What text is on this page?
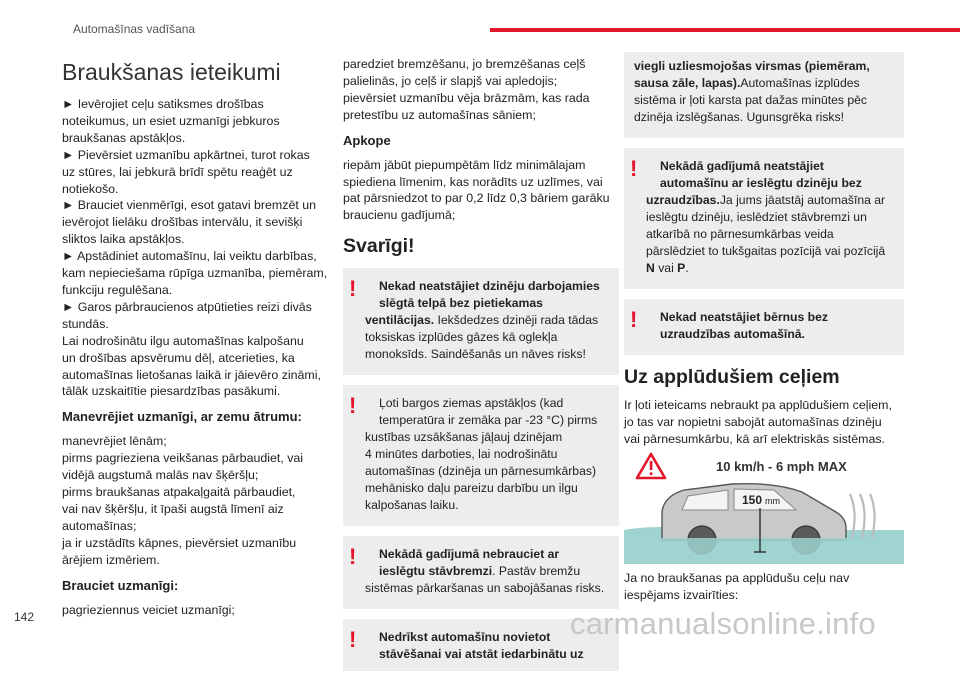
Automašīnas vadīšana
Braukšanas ieteikumi
► Ievērojiet ceļu satiksmes drošības
noteikumus, un esiet uzmanīgi jebkuros
braukšanas apstākļos.
► Pievērsiet uzmanību apkārtnei, turot rokas
uz stūres, lai jebkurā brīdī spētu reaģēt uz
notiekošo.
► Brauciet vienmērīgi, esot gatavi bremzēt un
ievērojot lielāku drošības intervālu, it sevišķi
sliktos laika apstākļos.
► Apstādiniet automašīnu, lai veiktu darbības,
kam nepieciešama rūpīga uzmanība, piemēram,
funkciju regulēšana.
► Garos pārbraucienos atpūtieties reizi divās
stundās.
Lai nodrošinātu ilgu automašīnas kalpošanu
un drošības apsvērumu dēļ, atcerieties, ka
automašīnas lietošanas laikā ir jāievēro zināmi,
tālāk uzskaitītie piesardzības pasākumi.
Manevrējiet uzmanīgi, ar zemu ātrumu:
manevrējiet lēnām;
pirms pagrieziena veikšanas pārbaudiet, vai
vidējā augstumā malās nav šķēršļu;
pirms braukšanas atpakaļgaitā pārbaudiet,
vai nav šķēršļu, it īpaši augstā līmenī aiz
automašīnas;
ja ir uzstādīts kāpnes, pievērsiet uzmanību
ārējiem izmēriem.
Brauciet uzmanīgi:
pagrieziennus veiciet uzmanīgi;
paredziet bremzēšanu, jo bremzēšanas ceļš
palielinās, jo ceļš ir slapjš vai apledojis;
pievērsiet uzmanību vēja brāzmām, kas rada
pretestību uz automašīnas sāniem;
Apkope
riepām jābūt piepumpētām līdz minimālajam
spiediena līmenim, kas norādīts uz uzlīmes, vai
pat pārsniedzot to par 0,2 līdz 0,3 bāriem garāku
braucienu gadījumā;
Svarīgi!
!	Nekad neatstājiet dzinēju darbojamies
slēgtā telpā bez pietiekamas
ventilācijas. Iekšdedzes dzinēji rada tādas
toksiskas izplūdes gāzes kā oglekļa
monoksīds. Saindēšanās un nāves risks!
!	Ļoti bargos ziemas apstākļos (kad
temperatūra ir zemāka par -23 °C) pirms
kustības uzsākšanas jāļauj dzinējam
4 minūtes darboties, lai nodrošinātu
automašīnas (dzinēja un pārnesumkārbas)
mehānisko daļu pareizu darbību un ilgu
kalpošanas laiku.
!	Nekādā gadījumā nebrauciet ar
ieslēgtu stāvbremzi. Pastāv bremžu
sistēmas pārkaršanas un sabojāšanas risks.
!	Nedrīkst automašīnu novietot
stāvēšanai vai atstāt iedarbinātu uz
viegli uzliesmojošas virsmas (piemēram,
sausa zāle, lapas).Automašīnas izplūdes
sistēma ir ļoti karsta pat dažas minūtes pēc
dzinēja izslēgšanas. Ugunsgrēka risks!
!	Nekādā gadījumā neatstājiet
automašīnu ar ieslēgtu dzinēju bez
uzraudzības.Ja jums jāatstāj automašīna ar
ieslēgtu dzinēju, ieslēdziet stāvbremzi un
atkarībā no pārnesumkārbas veida
pārslēdziet to tukšgaitas pozīcijā vai pozīcijā
N vai P.
!	Nekad neatstājiet bērnus bez
uzraudzības automašīnā.
Uz applūdušiem ceļiem
Ir ļoti ieteicams nebraukt pa applūdušiem ceļiem,
jo tas var nopietni sabojāt automašīnas dzinēju
vai pārnesumkārbu, kā arī elektriskās sistēmas.
10 km/h - 6 mph MAX
150 mm
Ja no braukšanas pa applūdušu ceļu nav
iespējams izvairīties:
142	carmanualsonline.info
